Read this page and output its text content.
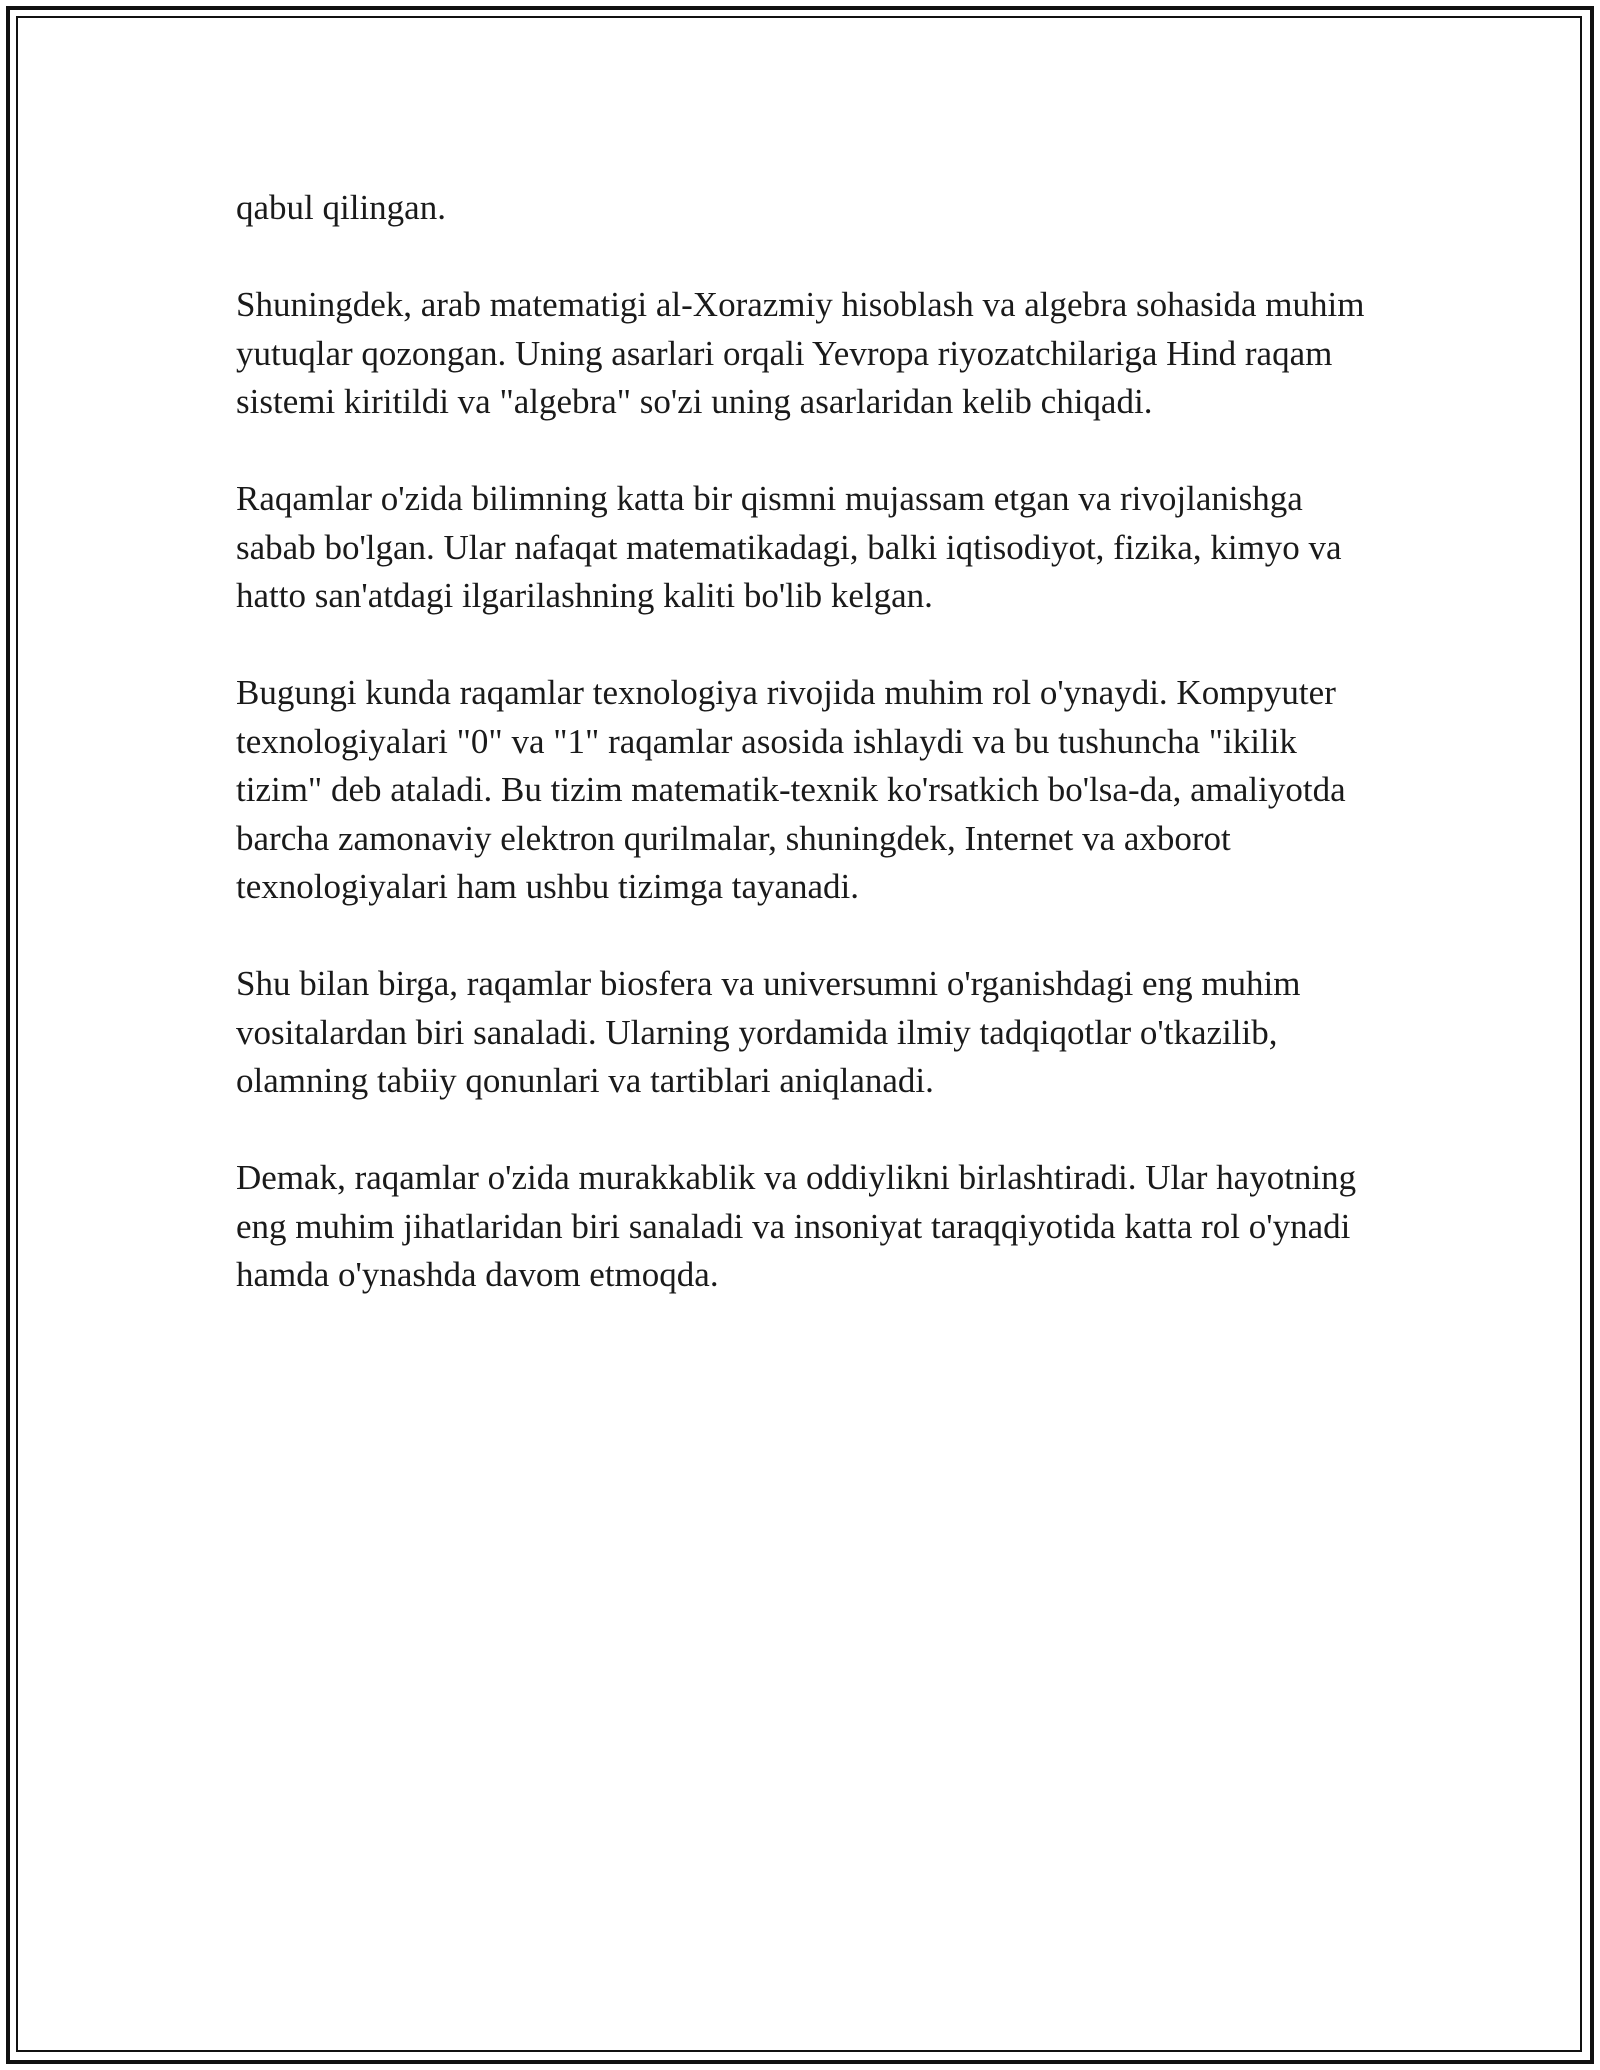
qabul qilingan.

Shuningdek, arab matematigi al-Xorazmiy hisoblash va algebra sohasida muhim yutuqlar qozongan. Uning asarlari orqali Yevropa riyozatchilariga Hind raqam sistemi kiritildi va "algebra" so'zi uning asarlaridan kelib chiqadi.

Raqamlar o'zida bilimning katta bir qismni mujassam etgan va rivojlanishga sabab bo'lgan. Ular nafaqat matematikadagi, balki iqtisodiyot, fizika, kimyo va hatto san'atdagi ilgarilashning kaliti bo'lib kelgan.

Bugungi kunda raqamlar texnologiya rivojida muhim rol o'ynaydi. Kompyuter texnologiyalari "0" va "1" raqamlar asosida ishlaydi va bu tushuncha "ikilik tizim" deb ataladi. Bu tizim matematik-texnik ko'rsatkich bo'lsa-da, amaliyotda barcha zamonaviy elektron qurilmalar, shuningdek, Internet va axborot texnologiyalari ham ushbu tizimga tayanadi.

Shu bilan birga, raqamlar biosfera va universumni o'rganishdagi eng muhim vositalardan biri sanaladi. Ularning yordamida ilmiy tadqiqotlar o'tkazilib, olamning tabiiy qonunlari va tartiblari aniqlanadi.

Demak, raqamlar o'zida murakkablik va oddiylikni birlashtiradi. Ular hayotning eng muhim jihatlaridan biri sanaladi va insoniyat taraqqiyotida katta rol o'ynadi hamda o'ynashda davom etmoqda.
